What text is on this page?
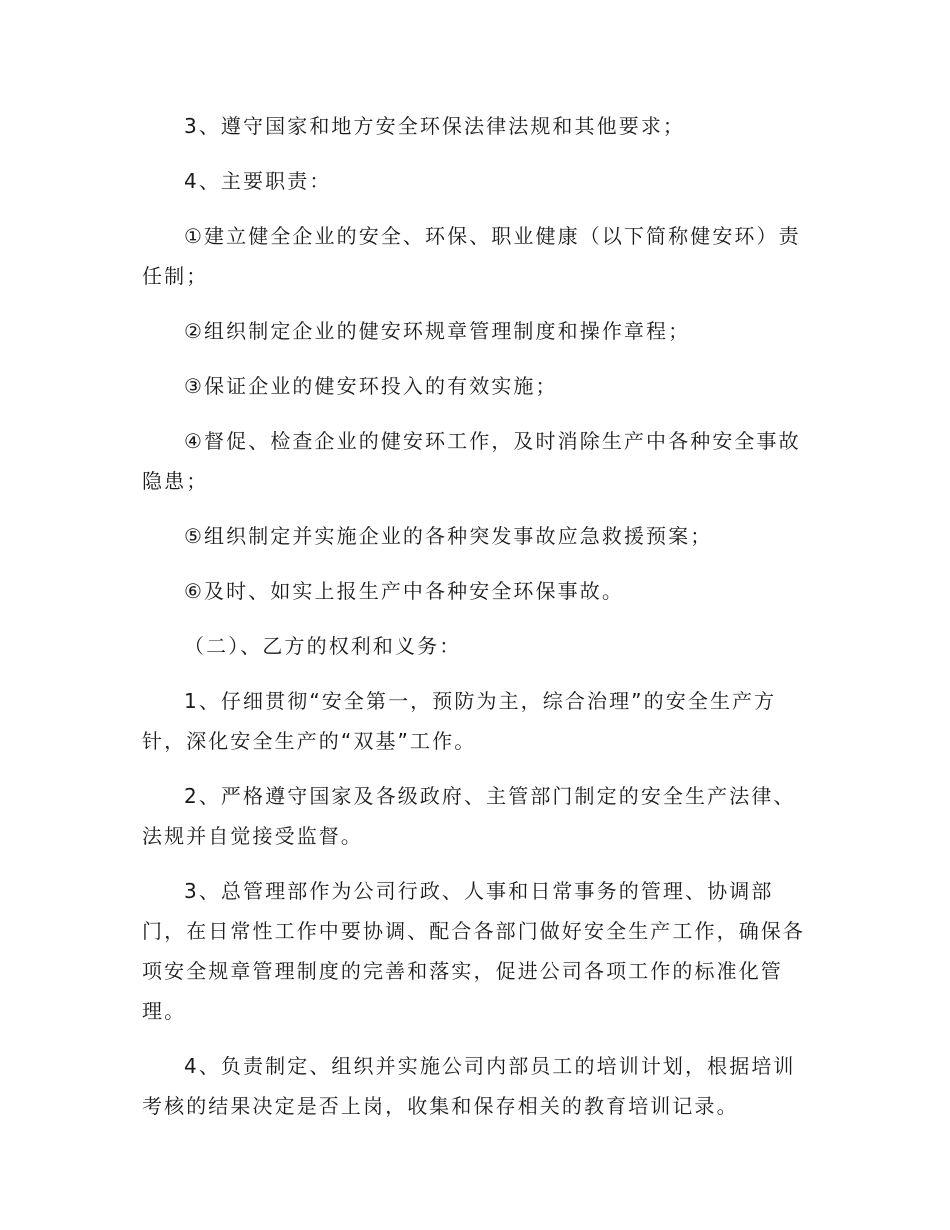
3、遵守国家和地方安全环保法律法规和其他要求；

4、主要职责：

①建立健全企业的安全、环保、职业健康（以下简称健安环）责任制；

②组织制定企业的健安环规章管理制度和操作章程；

③保证企业的健安环投入的有效实施；

④督促、检查企业的健安环工作，及时消除生产中各种安全事故隐患；

⑤组织制定并实施企业的各种突发事故应急救援预案；

⑥及时、如实上报生产中各种安全环保事故。

（二）、乙方的权利和义务：

1、仔细贯彻“安全第一，预防为主，综合治理”的安全生产方针，深化安全生产的“双基”工作。

2、严格遵守国家及各级政府、主管部门制定的安全生产法律、法规并自觉接受监督。

3、总管理部作为公司行政、人事和日常事务的管理、协调部门，在日常性工作中要协调、配合各部门做好安全生产工作，确保各项安全规章管理制度的完善和落实，促进公司各项工作的标准化管理。

4、负责制定、组织并实施公司内部员工的培训计划，根据培训考核的结果决定是否上岗，收集和保存相关的教育培训记录。
